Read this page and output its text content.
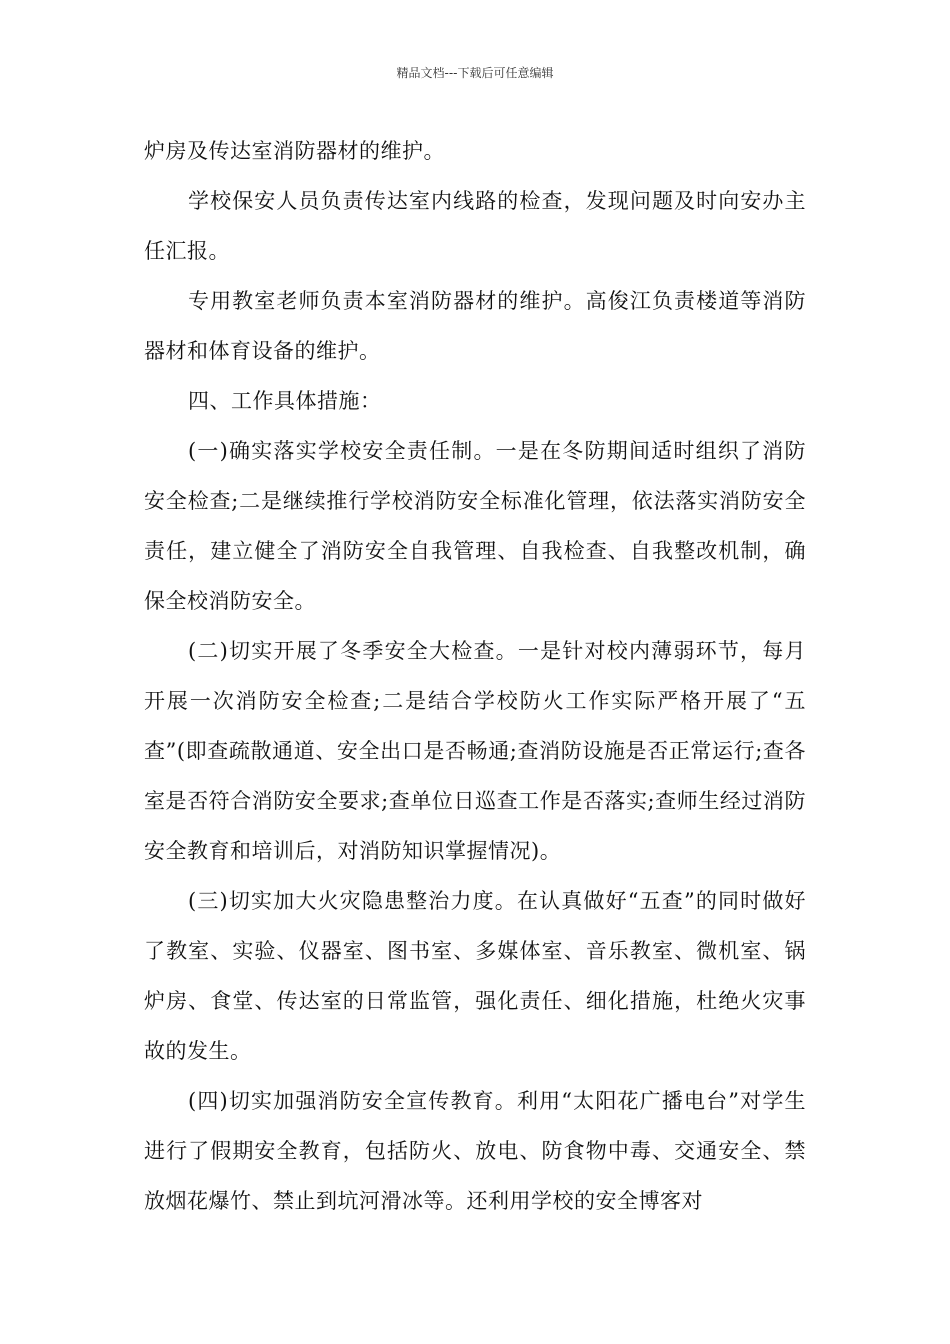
精品文档---下载后可任意编辑

炉房及传达室消防器材的维护。

学校保安人员负责传达室内线路的检查，发现问题及时向安办主任汇报。

专用教室老师负责本室消防器材的维护。高俊江负责楼道等消防器材和体育设备的维护。

四、工作具体措施：

(一)确实落实学校安全责任制。一是在冬防期间适时组织了消防安全检查;二是继续推行学校消防安全标准化管理，依法落实消防安全责任，建立健全了消防安全自我管理、自我检查、自我整改机制，确保全校消防安全。

(二)切实开展了冬季安全大检查。一是针对校内薄弱环节，每月开展一次消防安全检查;二是结合学校防火工作实际严格开展了“五查”(即查疏散通道、安全出口是否畅通;查消防设施是否正常运行;查各室是否符合消防安全要求;查单位日巡查工作是否落实;查师生经过消防安全教育和培训后，对消防知识掌握情况)。

(三)切实加大火灾隐患整治力度。在认真做好“五查”的同时做好了教室、实验、仪器室、图书室、多媒体室、音乐教室、微机室、锅炉房、食堂、传达室的日常监管，强化责任、细化措施，杜绝火灾事故的发生。

(四)切实加强消防安全宣传教育。利用“太阳花广播电台”对学生进行了假期安全教育，包括防火、放电、防食物中毒、交通安全、禁放烟花爆竹、禁止到坑河滑冰等。还利用学校的安全博客对
